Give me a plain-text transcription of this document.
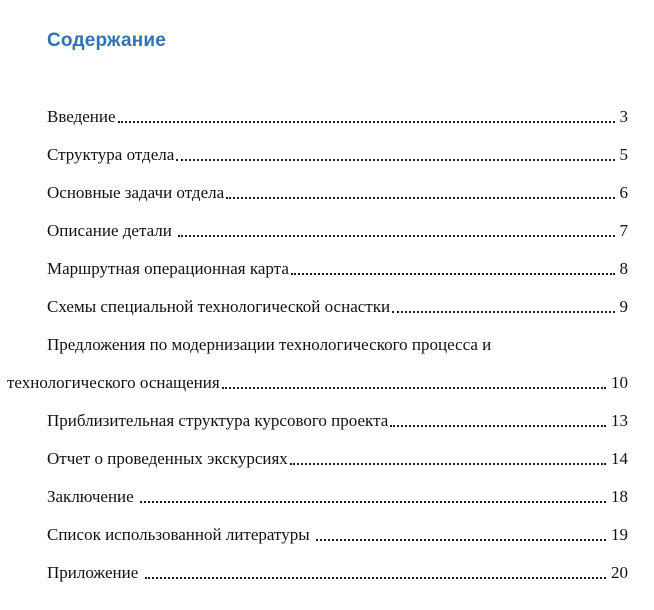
Содержание
Введение	3
Структура отдела	5
Основные задачи отдела	6
Описание детали	7
Маршрутная операционная карта	8
Схемы специальной технологической оснастки	9
Предложения по модернизации технологического процесса и
технологического оснащения	10
Приблизительная структура курсового проекта	13
Отчет о проведенных экскурсиях	14
Заключение	18
Список использованной литературы	19
Приложение	20
